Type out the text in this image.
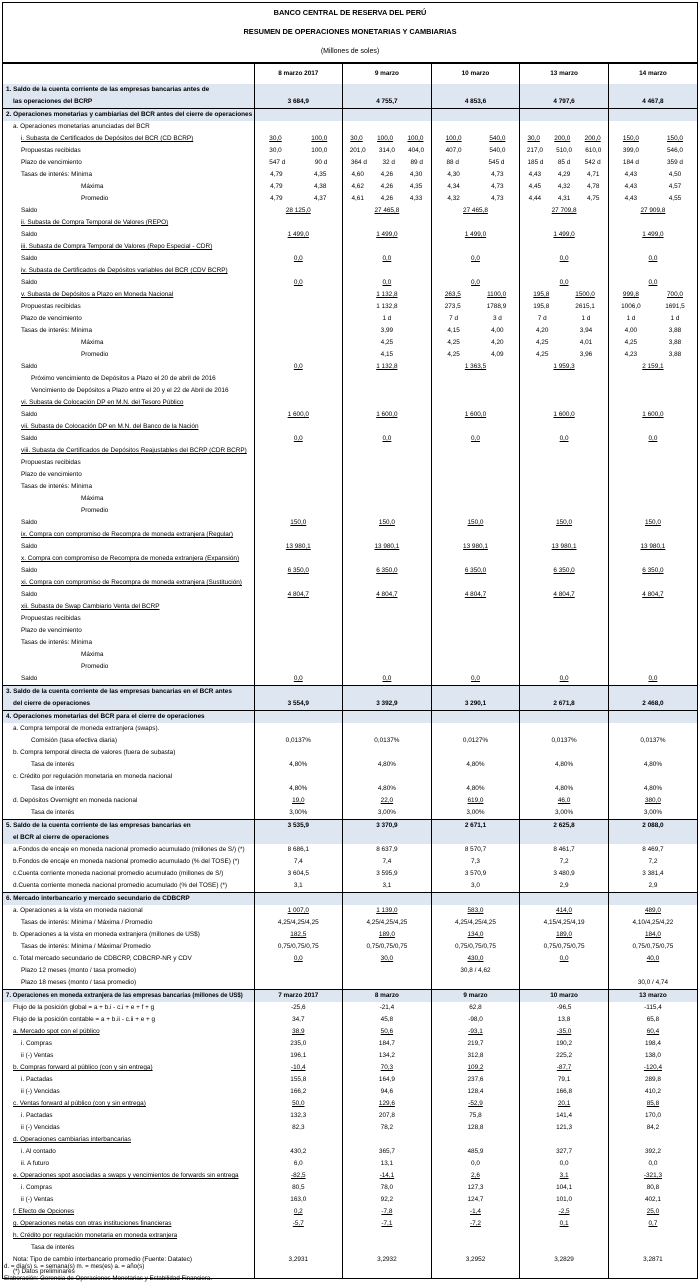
BANCO CENTRAL DE RESERVA DEL PERÚ
RESUMEN DE OPERACIONES MONETARIAS Y CAMBIARIAS
(Millones de soles)
	8 marzo 2017	9 marzo	10 marzo	13 marzo	14 marzo
1. Saldo de la cuenta corriente de las empresas bancarias antes de					
las operaciones del BCRP	3 684,9	4 755,7	4 853,6	4 797,6	4 467,8
2. Operaciones monetarias y cambiarias del BCR antes del cierre de operaciones					
a. Operaciones monetarias anunciadas del BCR					
i. Subasta de Certificados de Depósitos del BCR (CD BCRP)	30,0 100,0	30,0 100,0 100,0	100,0 540,0	30,0 200,0 200,0	150,0 150,0

Propuestas recibidas	30,0 100,0	201,0 314,0 404,0	407,0 540,0	217,0 510,0 610,0	399,0 546,0

Plazo de vencimiento	547 d 90 d	364 d 32 d 89 d	88 d 545 d	185 d 85 d 542 d	184 d 359 d

Tasas de interés: Mínima	4,79 4,35	4,60 4,26 4,30	4,30 4,73	4,43 4,29 4,71	4,43 4,50

Máxima	4,79 4,38	4,62 4,26 4,35	4,34 4,73	4,45 4,32 4,78	4,43 4,57

Promedio	4,79 4,37	4,61 4,26 4,33	4,32 4,73	4,44 4,31 4,75	4,43 4,55

Saldo	28 125,0	27 465,8	27 465,8	27 709,8	27 909,8
ii. Subasta de Compra Temporal de Valores (REPO)					
Saldo	1 499,0	1 499,0	1 499,0	1 499,0	1 499,0
iii. Subasta de Compra Temporal de Valores (Repo Especial - CDR)					
Saldo	0,0	0,0	0,0	0,0	0,0
iv. Subasta de Certificados de Depósitos variables del BCR (CDV BCRP)					
Saldo	0,0	0,0	0,0	0,0	0,0
v. Subasta de Depósitos a Plazo en Moneda Nacional		1 132,8	263,5 1100,0	195,8 1500,0	999,8 700,0

Propuestas recibidas		1 132,8	273,5 1788,9	195,8 2615,1	1006,0 1691,5

Plazo de vencimiento		1 d	7 d 3 d	7 d 1 d	1 d 1 d

Tasas de interés: Mínima		3,99	4,15 4,00	4,20 3,94	4,00 3,88

Máxima		4,25	4,25 4,20	4,25 4,01	4,25 3,88

Promedio		4,15	4,25 4,09	4,25 3,96	4,23 3,88

Saldo	0,0	1 132,8	1 363,5	1 959,3	2 159,1
Próximo vencimiento de Depósitos a Plazo el 20 de abril de 2016					
Vencimiento de Depósitos a Plazo entre el 20 y el 22 de Abril de 2016					
vi. Subasta de Colocación DP en M.N. del Tesoro Público					
Saldo	1 600,0	1 600,0	1 600,0	1 600,0	1 600,0
vii. Subasta de Colocación DP en M.N. del Banco de la Nación					
Saldo	0,0	0,0	0,0	0,0	0,0
viii. Subasta de Certificados de Depósitos Reajustables del BCRP (CDR BCRP)					
Propuestas recibidas					
Plazo de vencimiento					
Tasas de interés: Mínima					
Máxima					
Promedio					
Saldo	150,0	150,0	150,0	150,0	150,0
ix. Compra con compromiso de Recompra de moneda extranjera (Regular)					
Saldo	13 980,1	13 980,1	13 980,1	13 980,1	13 980,1
x. Compra con compromiso de Recompra de moneda extranjera (Expansión)					
Saldo	6 350,0	6 350,0	6 350,0	6 350,0	6 350,0
xi. Compra con compromiso de Recompra de moneda extranjera (Sustitución)					
Saldo	4 804,7	4 804,7	4 804,7	4 804,7	4 804,7
xii. Subasta de Swap Cambiario Venta del BCRP					
Propuestas recibidas					
Plazo de vencimiento					
Tasas de interés: Mínima					
Máxima					
Promedio					
Saldo	0,0	0,0	0,0	0,0	0,0
3. Saldo de la cuenta corriente de las empresas bancarias en el BCR antes					
del cierre de operaciones	3 554,9	3 392,9	3 290,1	2 671,8	2 468,0
4. Operaciones monetarias del BCR para el cierre de operaciones					
a. Compra temporal de moneda extranjera (swaps).					
Comisión (tasa efectiva diaria)	0,0137%	0,0137%	0,0127%	0,0137%	0,0137%
b. Compra temporal directa de valores (fuera de subasta)					
Tasa de interés	4,80%	4,80%	4,80%	4,80%	4,80%
c. Crédito por regulación monetaria en moneda nacional					
Tasa de interés	4,80%	4,80%	4,80%	4,80%	4,80%
d. Depósitos Overnight en moneda nacional	19,0	22,0	619,0	46,0	380,0
Tasa de interés	3,00%	3,00%	3,00%	3,00%	3,00%
5. Saldo de la cuenta corriente de las empresas bancarias en	3 535,9	3 370,9	2 671,1	2 625,8	2 088,0
el BCR al cierre de operaciones					
a.Fondos de encaje en moneda nacional promedio acumulado (millones de S/) (*)	8 686,1	8 637,9	8 570,7	8 461,7	8 469,7
b.Fondos de encaje en moneda nacional promedio acumulado (% del TOSE) (*)	7,4	7,4	7,3	7,2	7,2
c.Cuenta corriente moneda nacional promedio acumulado (millones de S/)	3 604,5	3 595,9	3 570,9	3 480,9	3 381,4
d.Cuenta corriente moneda nacional promedio acumulado (% del TOSE) (*)	3,1	3,1	3,0	2,9	2,9
6. Mercado interbancario y mercado secundario de CDBCRP					
a. Operaciones a la vista en moneda nacional	1 007,0	1 139,0	583,0	414,0	489,0
Tasas de interés: Mínima / Máxima / Promedio	4,25/4,25/4,25	4,25/4,25/4,25	4,25/4,25/4,25	4,15/4,25/4,19	4,10/4,25/4,22
b. Operaciones a la vista en moneda extranjera (millones de US$)	182,5	189,0	134,0	189,0	184,0
Tasas de interés: Mínima / Máxima/ Promedio	0,75/0,75/0,75	0,75/0,75/0,75	0,75/0,75/0,75	0,75/0,75/0,75	0,75/0,75/0,75
c. Total mercado secundario de CDBCRP, CDBCRP-NR y CDV	0,0	30,0	430,0	0,0	40,0
Plazo 12 meses (monto / tasa promedio)			30,8 / 4,62		
Plazo 18 meses (monto / tasa promedio)					30,0 / 4,74
7. Operaciones en moneda extranjera de las empresas bancarias (millones de US$)	7 marzo 2017	8 marzo	9 marzo	10 marzo	13 marzo
Flujo de la posición global = a + b.i - c.i + e + f + g	-25,6	-21,4	62,8	-96,5	-115,4
Flujo de la posición contable = a + b.ii - c.ii + e + g	34,7	45,8	-98,0	13,8	65,8
a. Mercado spot con el público	38,9	50,6	-93,1	-35,0	60,4
i. Compras	235,0	184,7	219,7	190,2	198,4
ii (-) Ventas	196,1	134,2	312,8	225,2	138,0
b. Compras forward al público (con y sin entrega)	-10,4	70,3	109,2	-87,7	-120,4
i. Pactadas	155,8	164,9	237,6	79,1	289,8
ii (-) Vencidas	166,2	94,6	128,4	166,8	410,2
c. Ventas forward al público (con y sin entrega)	50,0	129,6	-52,9	20,1	85,8
i. Pactadas	132,3	207,8	75,8	141,4	170,0
ii (-) Vencidas	82,3	78,2	128,8	121,3	84,2
d. Operaciones cambiarias interbancarias					
i. Al contado	430,2	365,7	485,9	327,7	392,2
ii. A futuro	6,0	13,1	0,0	0,0	0,0
e. Operaciones spot asociadas a swaps y vencimientos de forwards sin entrega	-82,5	-14,1	2,6	3,1	-321,3
i. Compras	80,5	78,0	127,3	104,1	80,8
ii (-) Ventas	163,0	92,2	124,7	101,0	402,1
f. Efecto de Opciones	0,2	-7,8	-1,4	-2,5	25,0
g. Operaciones netas con otras instituciones financieras	-5,7	-7,1	-7,2	0,1	0,7
h. Crédito por regulación monetaria en moneda extranjera					
Tasa de interés					
Nota: Tipo de cambio interbancario promedio (Fuente: Datatec)	3,2931	3,2932	3,2952	3,2829	3,2871
(*) Datos preliminares					
d. = día(s) s. = semana(s) m. = mes(es) a. = año(s)
Elaboración: Gerencia de Operaciones Monetarias y Estabilidad Financiera.
